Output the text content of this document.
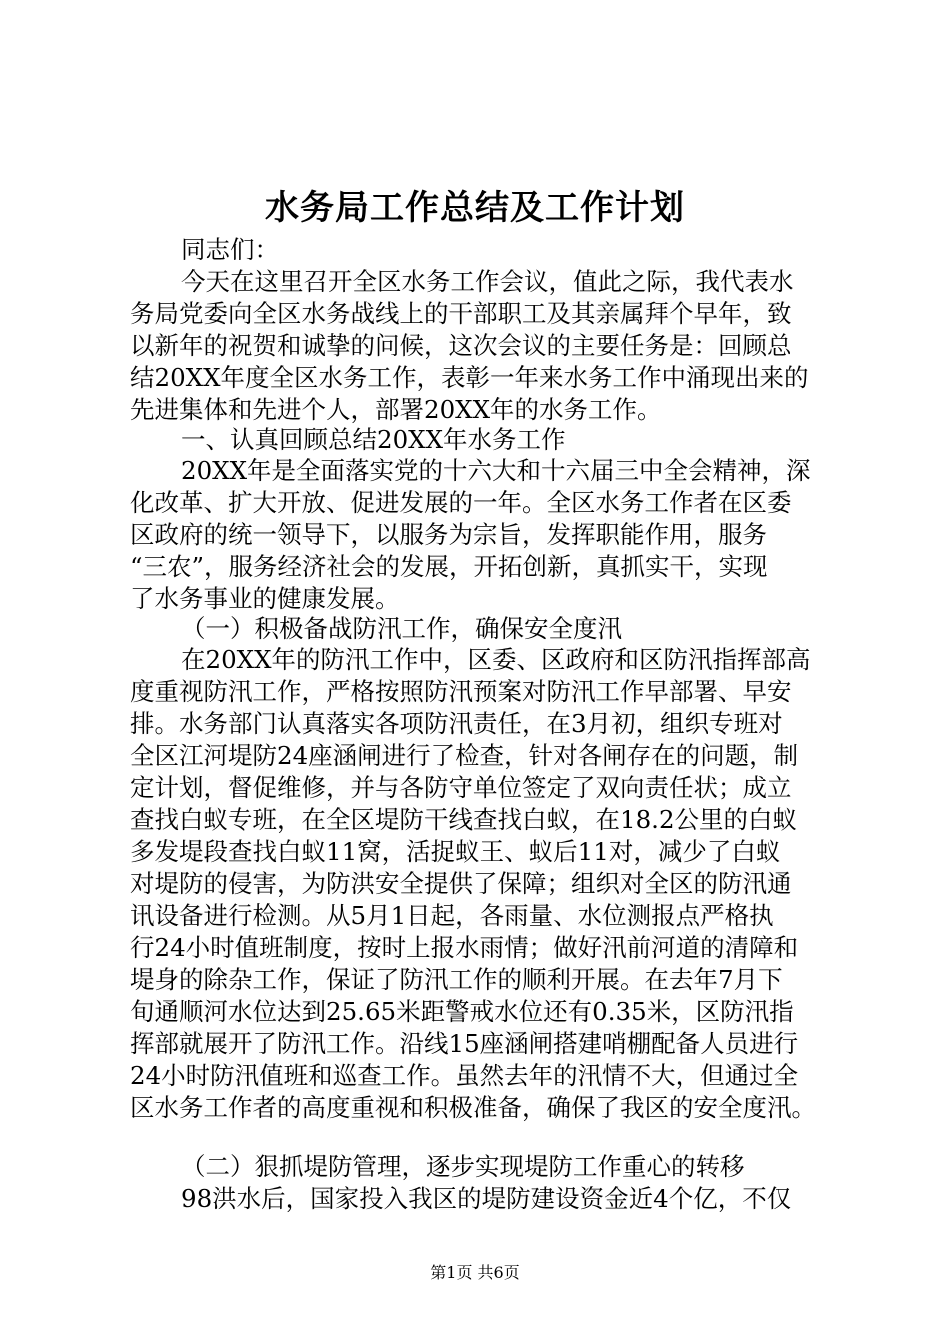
水务局工作总结及工作计划
同志们：
今天在这里召开全区水务工作会议，值此之际，我代表水
务局党委向全区水务战线上的干部职工及其亲属拜个早年，致
以新年的祝贺和诚挚的问候，这次会议的主要任务是：回顾总
结20XX年度全区水务工作，表彰一年来水务工作中涌现出来的
先进集体和先进个人，部署20XX年的水务工作。
一、认真回顾总结20XX年水务工作
20XX年是全面落实党的十六大和十六届三中全会精神，深
化改革、扩大开放、促进发展的一年。全区水务工作者在区委
区政府的统一领导下，以服务为宗旨，发挥职能作用，服务
“三农”，服务经济社会的发展，开拓创新，真抓实干，实现
了水务事业的健康发展。
（一）积极备战防汛工作，确保安全度汛
在20XX年的防汛工作中，区委、区政府和区防汛指挥部高
度重视防汛工作，严格按照防汛预案对防汛工作早部署、早安
排。水务部门认真落实各项防汛责任，在3月初，组织专班对
全区江河堤防24座涵闸进行了检查，针对各闸存在的问题，制
定计划，督促维修，并与各防守单位签定了双向责任状；成立
查找白蚁专班，在全区堤防干线查找白蚁，在18.2公里的白蚁
多发堤段查找白蚁11窝，活捉蚁王、蚁后11对，减少了白蚁
对堤防的侵害，为防洪安全提供了保障；组织对全区的防汛通
讯设备进行检测。从5月1日起，各雨量、水位测报点严格执
行24小时值班制度，按时上报水雨情；做好汛前河道的清障和
堤身的除杂工作，保证了防汛工作的顺利开展。在去年7月下
旬通顺河水位达到25.65米距警戒水位还有0.35米，区防汛指
挥部就展开了防汛工作。沿线15座涵闸搭建哨棚配备人员进行
24小时防汛值班和巡查工作。虽然去年的汛情不大，但通过全
区水务工作者的高度重视和积极准备，确保了我区的安全度汛。
（二）狠抓堤防管理，逐步实现堤防工作重心的转移
98洪水后，国家投入我区的堤防建设资金近4个亿，不仅
第1页 共6页
